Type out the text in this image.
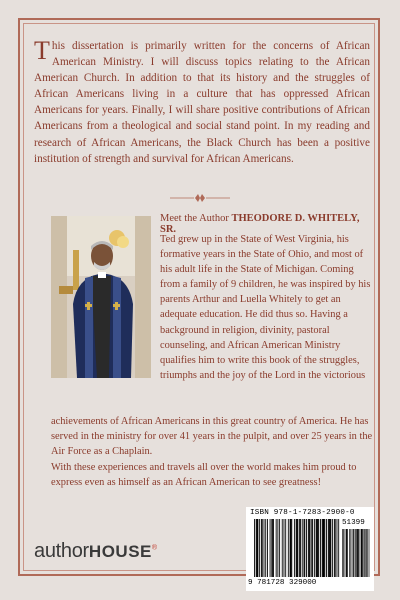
This dissertation is primarily written for the concerns of African American Ministry. I will discuss topics relating to the African American Church. In addition to that its history and the struggles of African Americans living in a culture that has oppressed African Americans for years. Finally, I will share positive contributions of African Americans from a theological and social stand point. In my reading and research of African Americans, the Black Church has been a positive institution of strength and survival for African Americans.
Meet the Author THEODORE D. WHITELY, SR.
Ted grew up in the State of West Virginia, his formative years in the State of Ohio, and most of his adult life in the State of Michigan. Coming from a family of 9 children, he was inspired by his parents Arthur and Luella Whitely to get an adequate education. He did thus so. Having a background in religion, divinity, pastoral counseling, and African American Ministry qualifies him to write this book of the struggles, triumphs and the joy of the Lord in the victorious
achievements of African Americans in this great country of America. He has served in the ministry for over 41 years in the pulpit, and over 25 years in the Air Force as a Chaplain.
With these experiences and travels all over the world makes him proud to express even as himself as an African American to see greatness!
authorHOUSE®
ISBN 978-1-7283-2900-0
51399
9 781728 329000
